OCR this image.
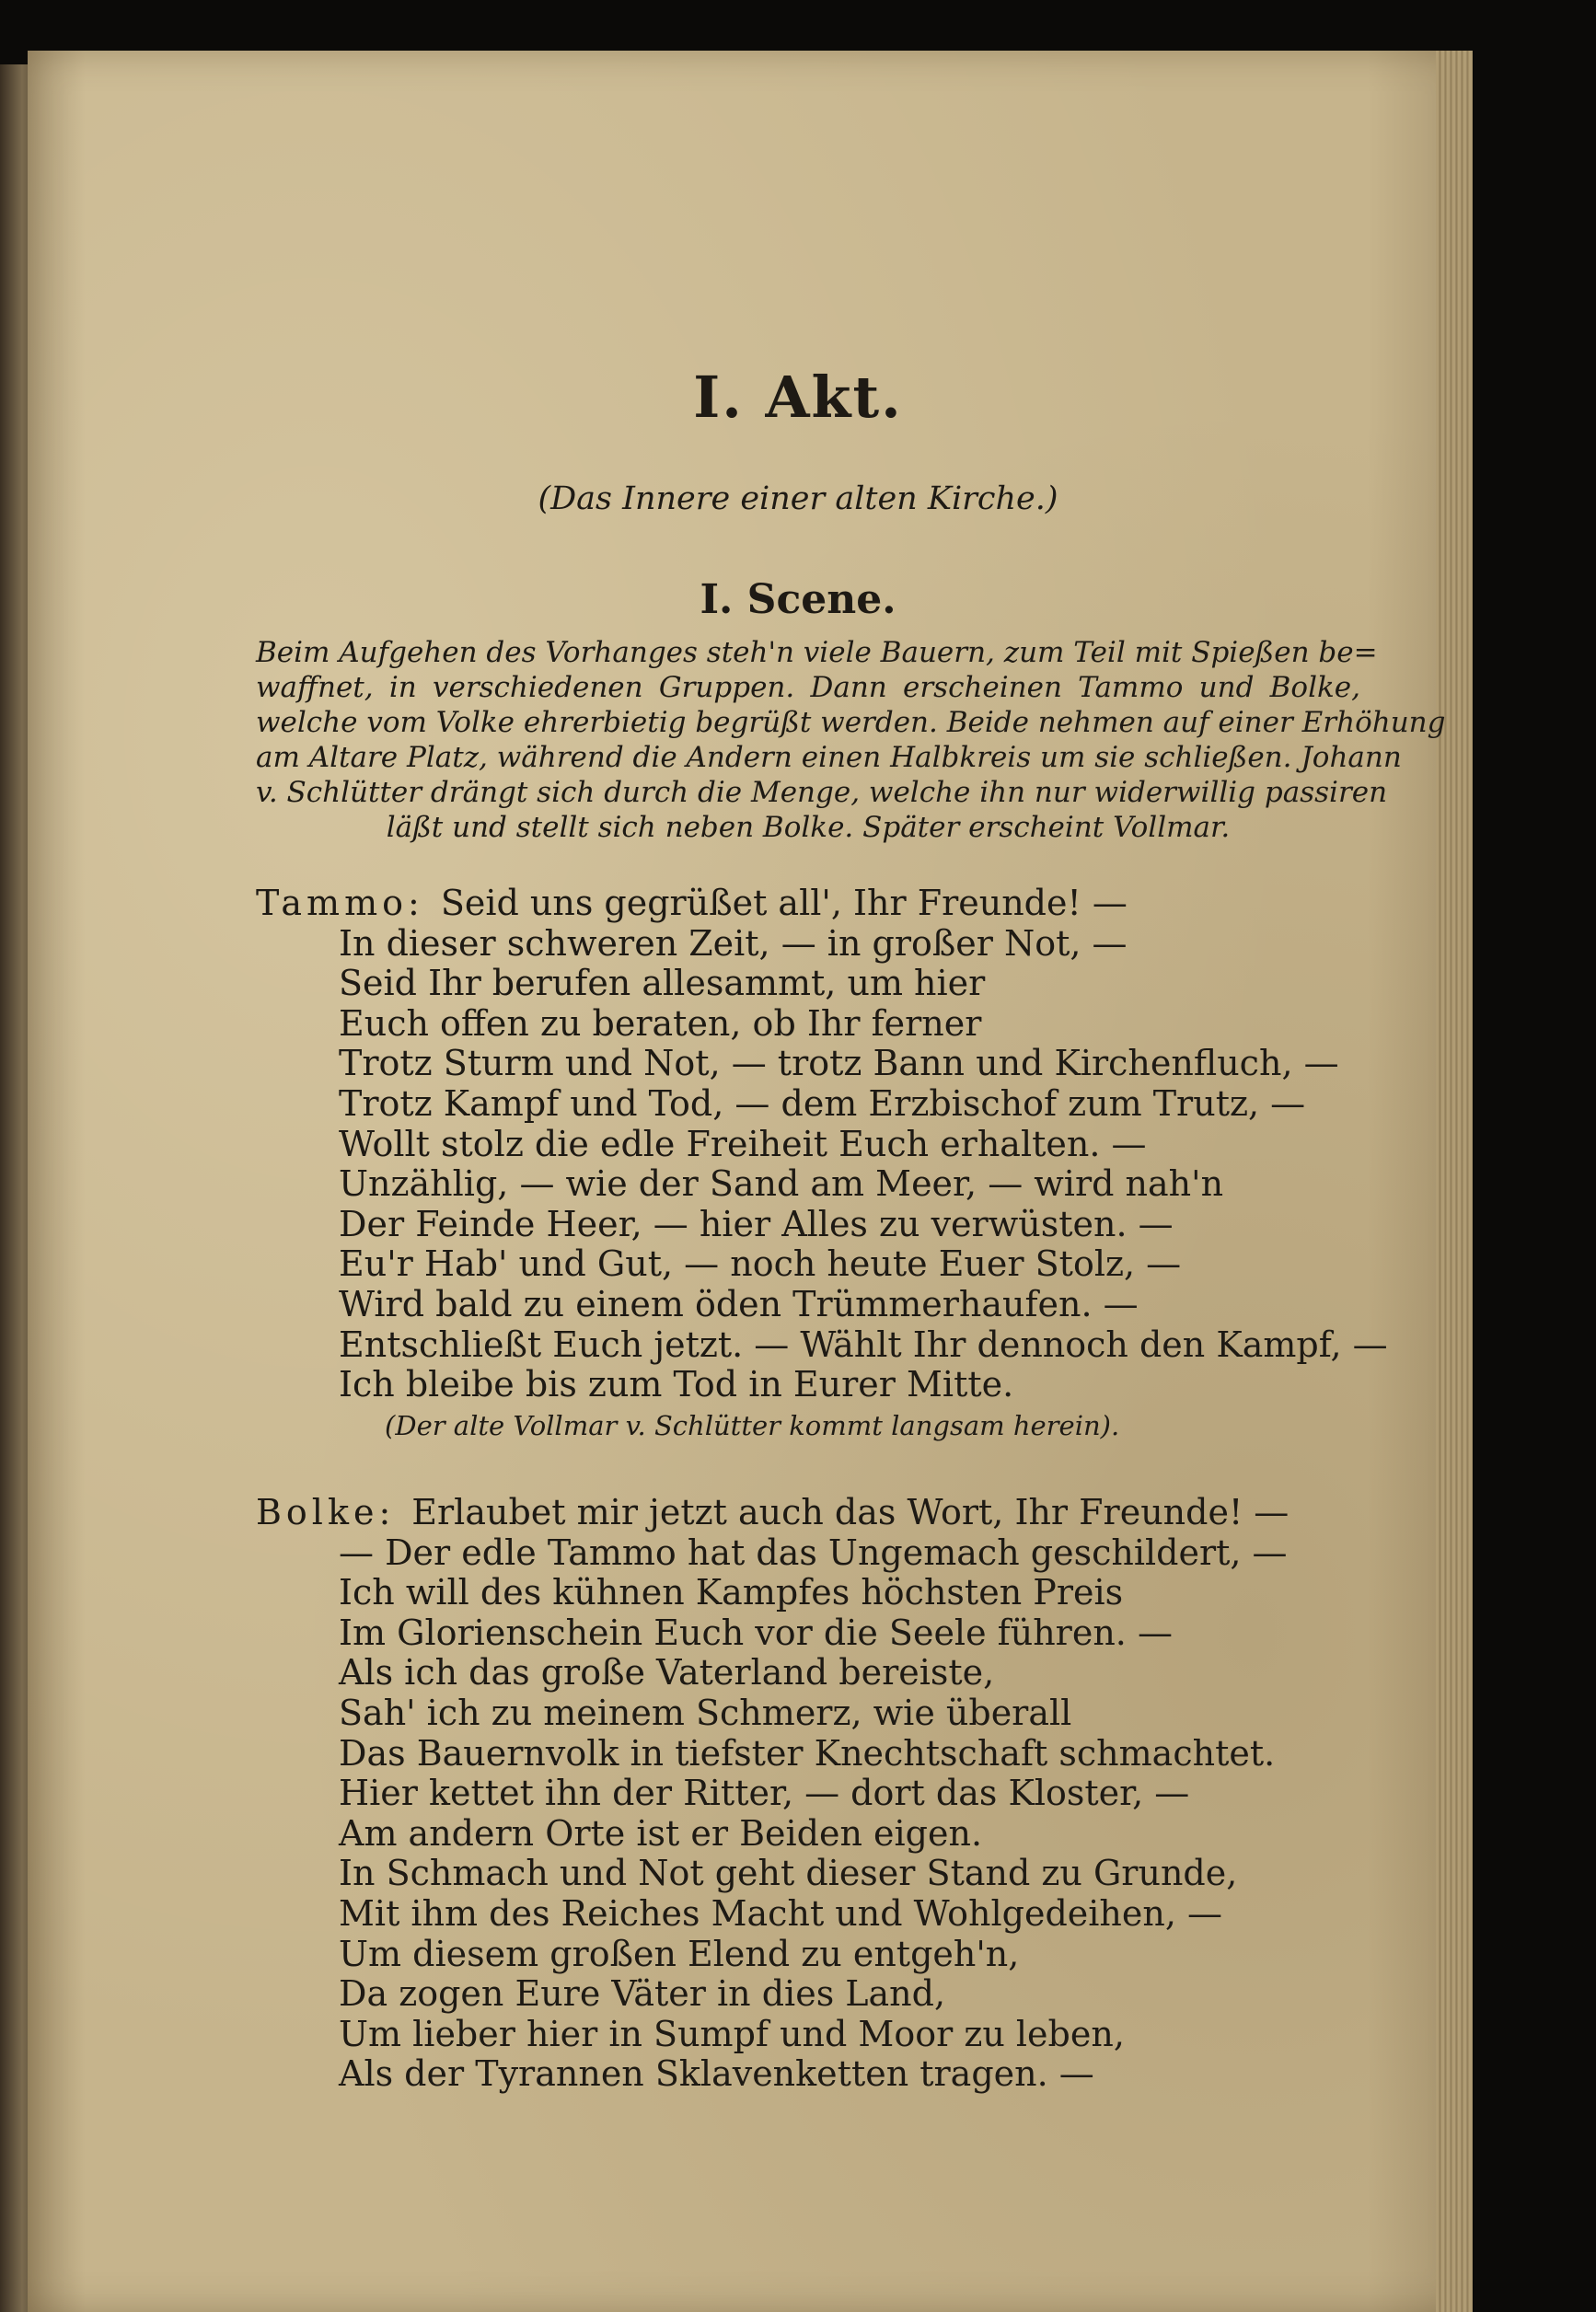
I. Akt.
(Das Innere einer alten Kirche.)
I. Scene.
Beim Aufgehen des Vorhanges steh'n viele Bauern, zum Teil mit Spießen be=
waffnet, in verschiedenen Gruppen. Dann erscheinen Tammo und Bolke,
welche vom Volke ehrerbietig begrüßt werden. Beide nehmen auf einer Erhöhung
am Altare Platz, während die Andern einen Halbkreis um sie schließen. Johann
v. Schlütter drängt sich durch die Menge, welche ihn nur widerwillig passiren
läßt und stellt sich neben Bolke. Später erscheint Vollmar.
Tammo: Seid uns gegrüßet all', Ihr Freunde! —
In dieser schweren Zeit, — in großer Not, —
Seid Ihr berufen allesammt, um hier
Euch offen zu beraten, ob Ihr ferner
Trotz Sturm und Not, — trotz Bann und Kirchenfluch, —
Trotz Kampf und Tod, — dem Erzbischof zum Trutz, —
Wollt stolz die edle Freiheit Euch erhalten. —
Unzählig, — wie der Sand am Meer, — wird nah'n
Der Feinde Heer, — hier Alles zu verwüsten. —
Eu'r Hab' und Gut, — noch heute Euer Stolz, —
Wird bald zu einem öden Trümmerhaufen. —
Entschließt Euch jetzt. — Wählt Ihr dennoch den Kampf, —
Ich bleibe bis zum Tod in Eurer Mitte.
(Der alte Vollmar v. Schlütter kommt langsam herein).
Bolke: Erlaubet mir jetzt auch das Wort, Ihr Freunde! —
— Der edle Tammo hat das Ungemach geschildert, —
Ich will des kühnen Kampfes höchsten Preis
Im Glorienschein Euch vor die Seele führen. —
Als ich das große Vaterland bereiste,
Sah' ich zu meinem Schmerz, wie überall
Das Bauernvolk in tiefster Knechtschaft schmachtet.
Hier kettet ihn der Ritter, — dort das Kloster, —
Am andern Orte ist er Beiden eigen.
In Schmach und Not geht dieser Stand zu Grunde,
Mit ihm des Reiches Macht und Wohlgedeihen, —
Um diesem großen Elend zu entgeh'n,
Da zogen Eure Väter in dies Land,
Um lieber hier in Sumpf und Moor zu leben,
Als der Tyrannen Sklavenketten tragen. —
